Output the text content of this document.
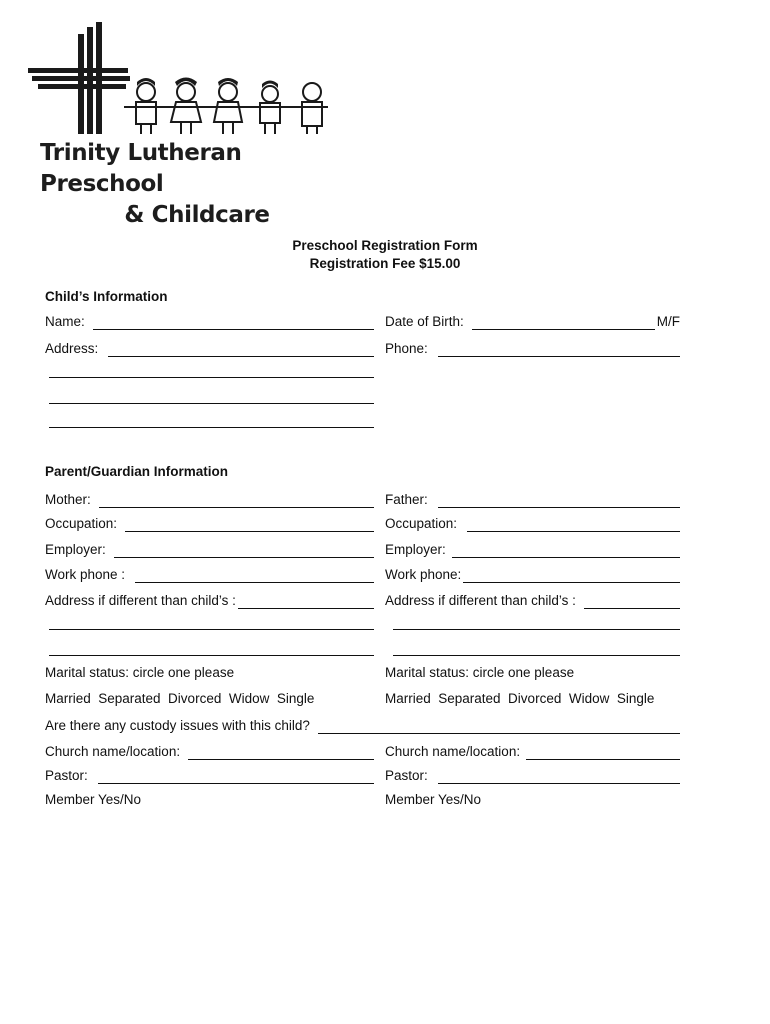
Trinity Lutheran Preschool
& Childcare
Preschool Registration Form
Registration Fee $15.00
Child’s Information
Name:	Date of Birth:	M/F
Address:	Phone:
Parent/Guardian Information
Mother:	Father:
Occupation:	Occupation:
Employer:	Employer:
Work phone :	Work phone:
Address if different than child’s :	Address if different than child’s :
Marital status: circle one please	Marital status: circle one please
Married  Separated  Divorced  Widow  Single	Married  Separated  Divorced  Widow  Single
Are there any custody issues with this child?
Church name/location:	Church name/location:
Pastor:	Pastor:
Member Yes/No	Member Yes/No
